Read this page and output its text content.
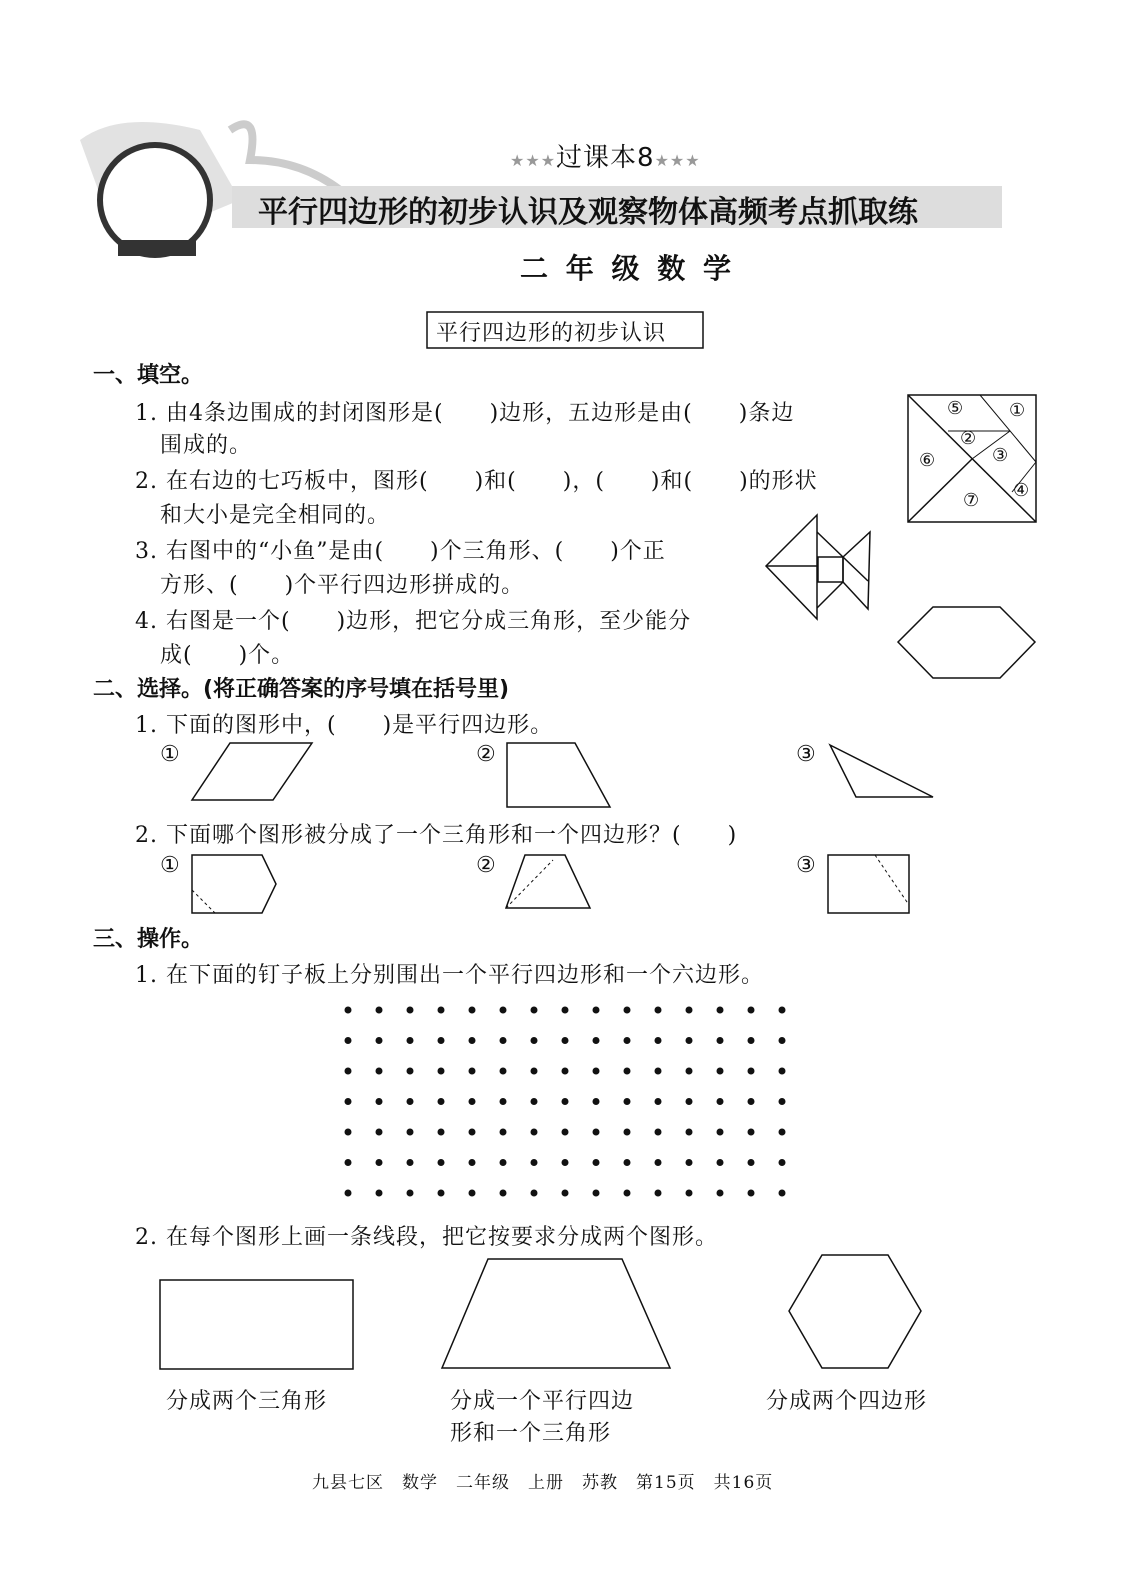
★★★过课本8★★★
平行四边形的初步认识及观察物体高频考点抓取练
二 年 级 数 学
平行四边形的初步认识
一、填空。
1. 由4条边围成的封闭图形是(　　)边形，五边形是由(　　)条边
围成的。
2. 在右边的七巧板中，图形(　　)和(　　)，(　　)和(　　)的形状
和大小是完全相同的。
3. 右图中的“小鱼”是由(　　)个三角形、(　　)个正
方形、(　　)个平行四边形拼成的。
4. 右图是一个(　　)边形，把它分成三角形，至少能分
成(　　)个。
⑤ ①
②
③
⑥
④
⑦
二、选择。(将正确答案的序号填在括号里)
1. 下面的图形中，(　　)是平行四边形。
①	②	③
2. 下面哪个图形被分成了一个三角形和一个四边形？(　　)
①	②	③
三、操作。
1. 在下面的钉子板上分别围出一个平行四边形和一个六边形。
2. 在每个图形上画一条线段，把它按要求分成两个图形。
分成两个三角形	分成一个平行四边
形和一个三角形
分成两个四边形
九县七区　数学　二年级　上册　苏教　第15页　共16页
